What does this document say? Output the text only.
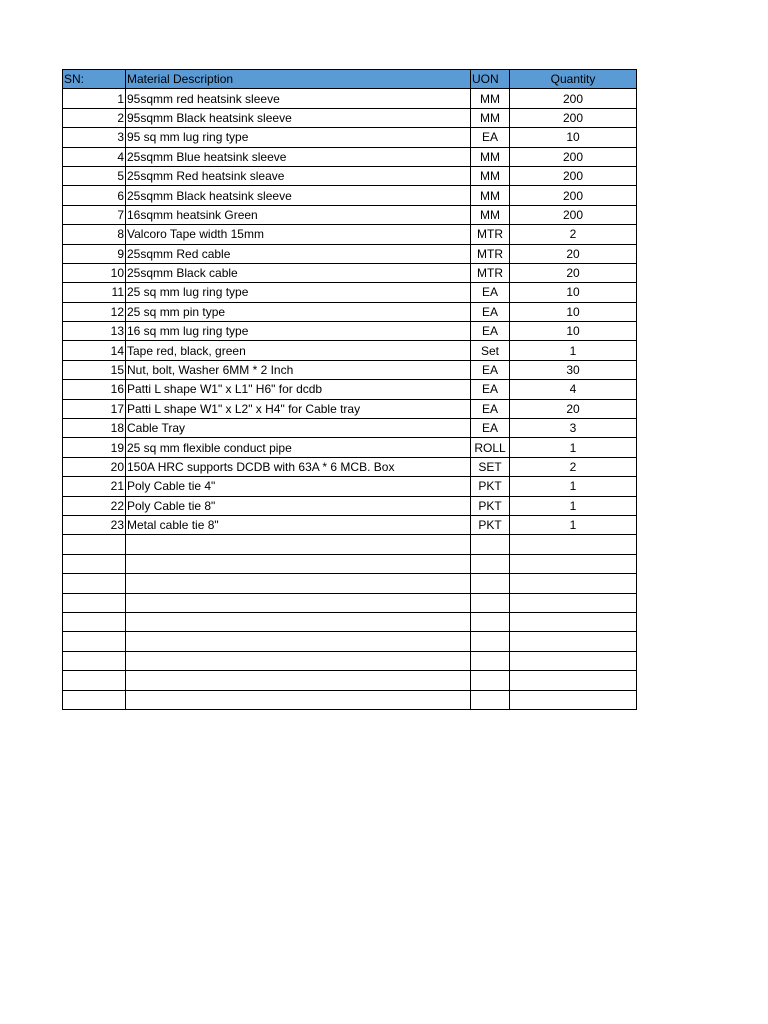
SN:	Material Description	UON	Quantity
1	95sqmm red heatsink sleeve	MM	200
2	95sqmm Black heatsink sleeve	MM	200
3	95 sq mm lug ring type	EA	10
4	25sqmm Blue heatsink sleeve	MM	200
5	25sqmm Red heatsink sleave	MM	200
6	25sqmm Black heatsink sleeve	MM	200
7	16sqmm heatsink Green	MM	200
8	Valcoro Tape width 15mm	MTR	2
9	25sqmm Red cable	MTR	20
10	25sqmm Black cable	MTR	20
11	25 sq mm lug ring type	EA	10
12	25 sq mm pin type	EA	10
13	16 sq mm lug ring type	EA	10
14	Tape red, black, green	Set	1
15	Nut, bolt, Washer 6MM * 2 Inch	EA	30
16	Patti L shape W1" x L1" H6" for dcdb	EA	4
17	Patti L shape W1" x L2" x H4" for Cable tray	EA	20
18	Cable Tray	EA	3
19	25 sq mm flexible conduct pipe	ROLL	1
20	150A HRC supports DCDB with 63A * 6 MCB. Box	SET	2
21	Poly Cable tie 4"	PKT	1
22	Poly Cable tie 8"	PKT	1
23	Metal cable tie 8"	PKT	1
